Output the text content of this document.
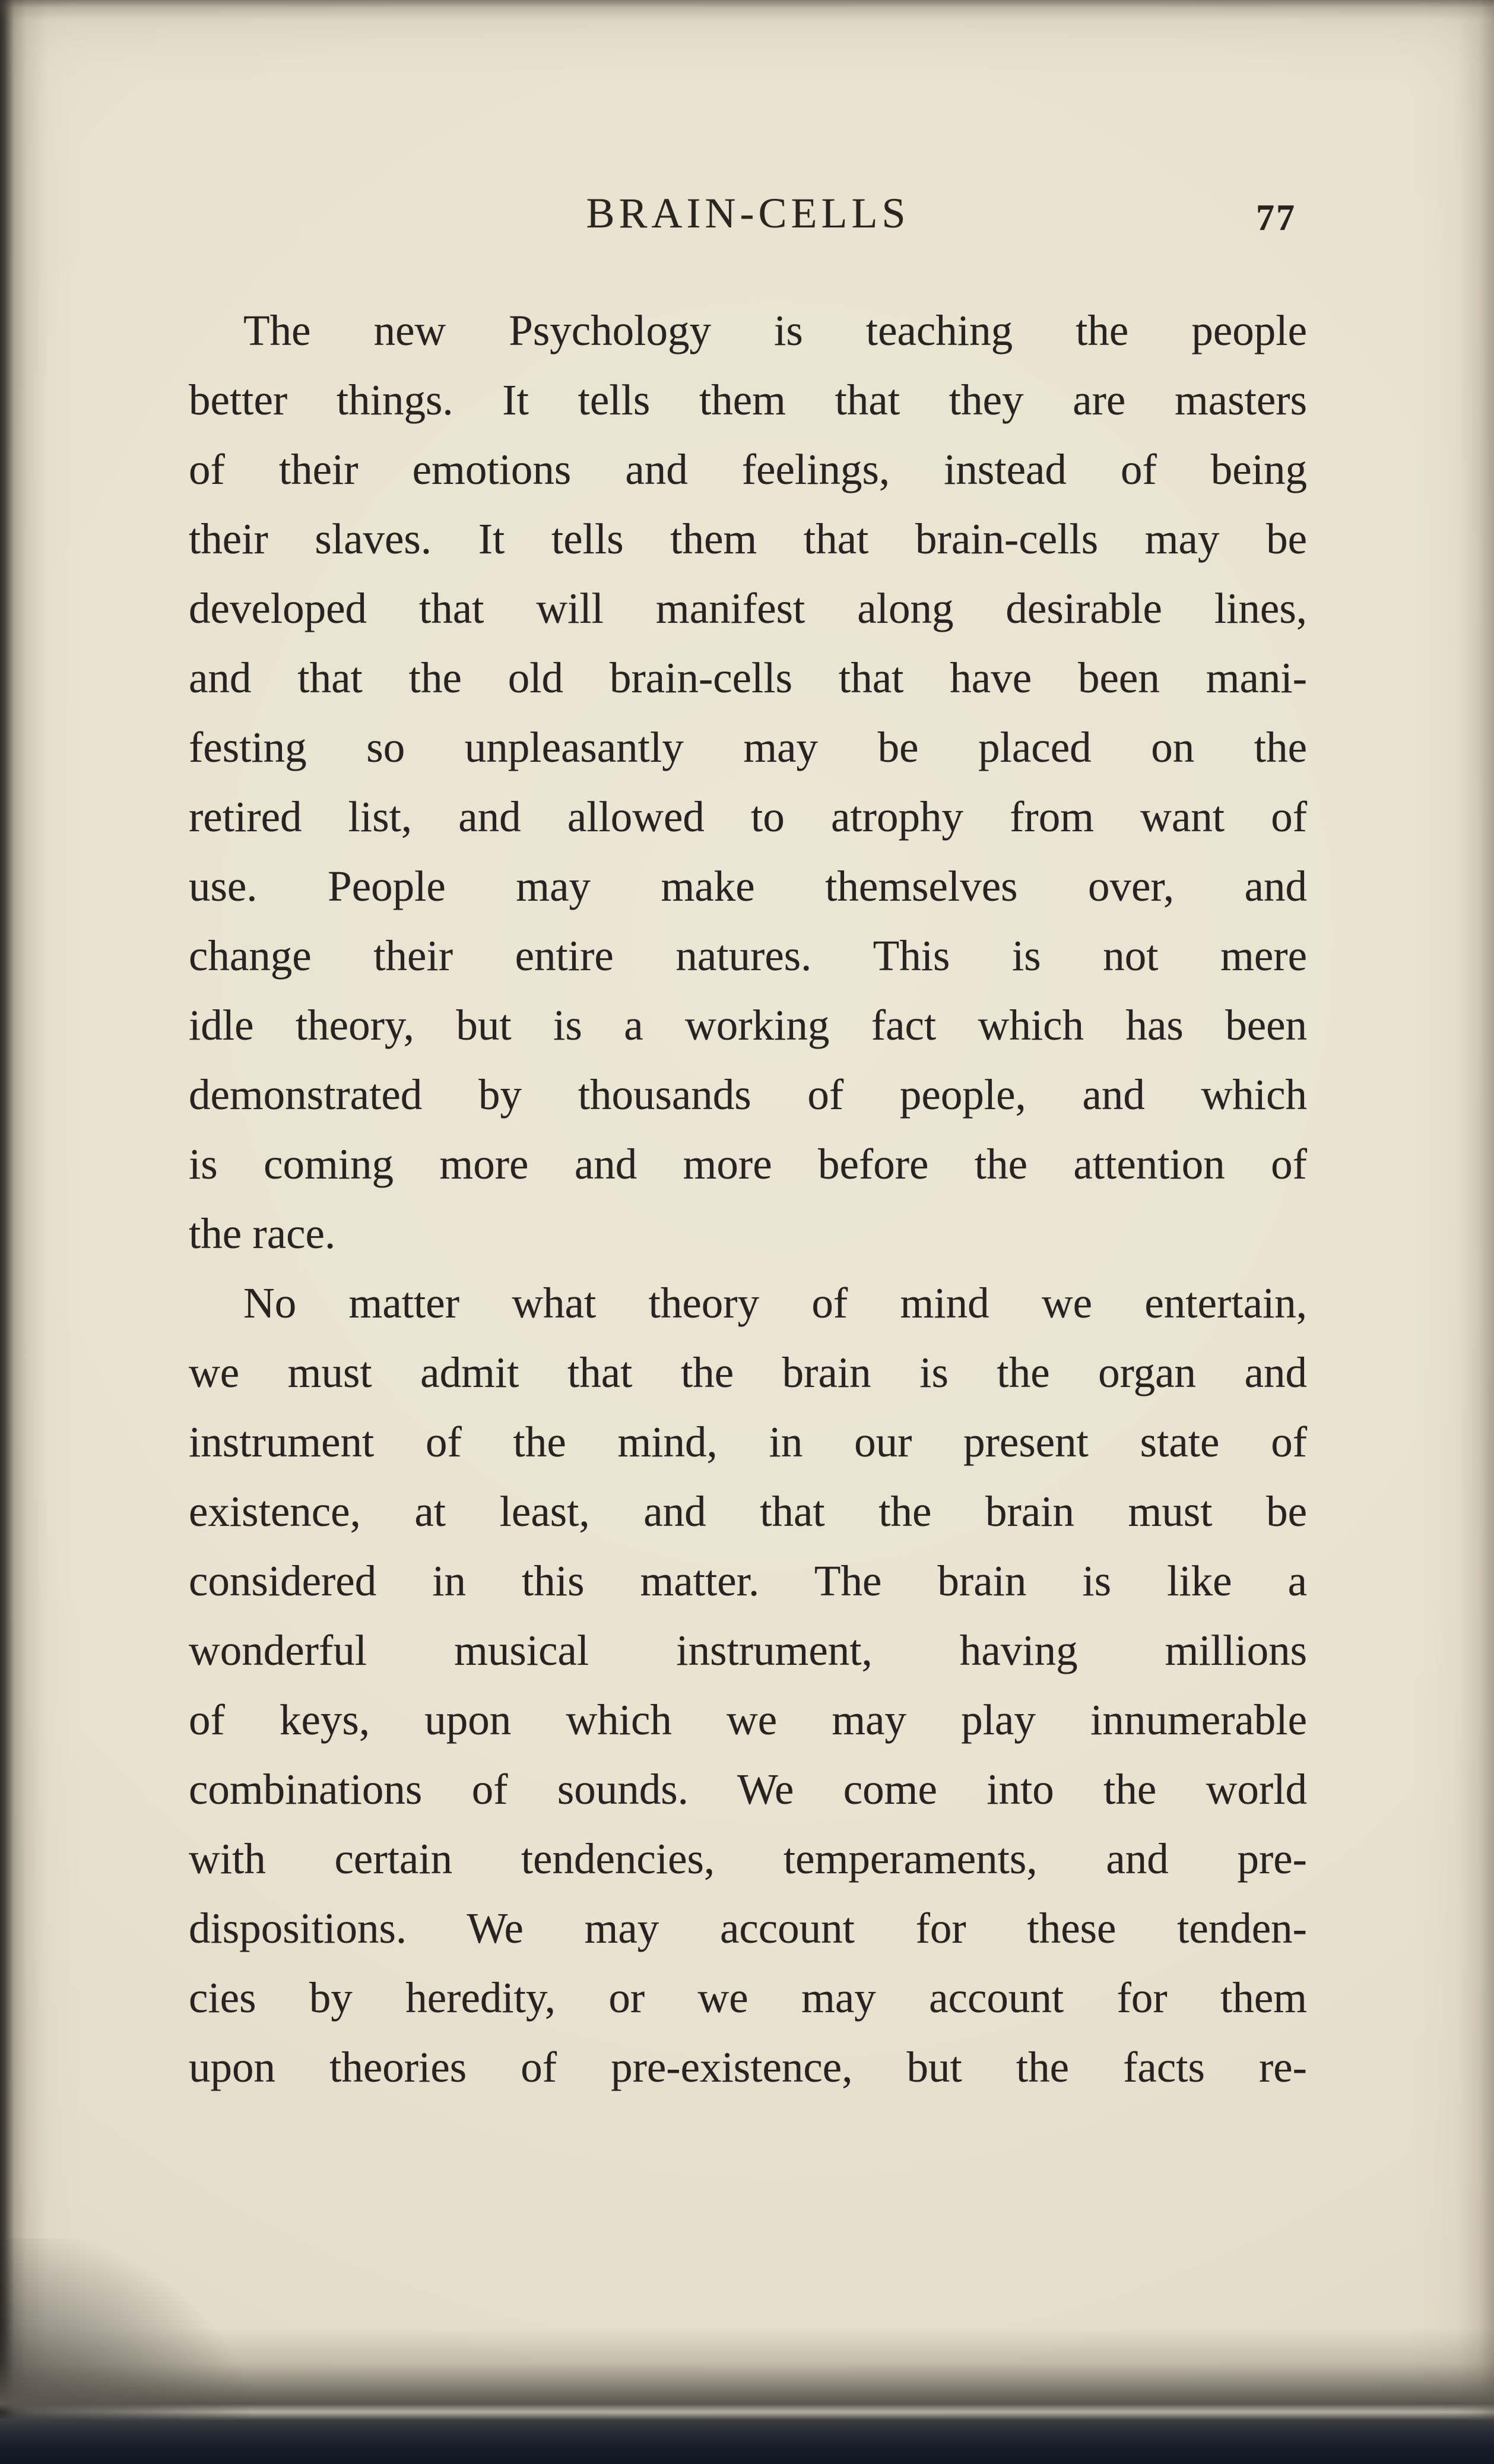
BRAIN-CELLS	77
The new Psychology is teaching the people
better things. It tells them that they are masters
of their emotions and feelings, instead of being
their slaves. It tells them that brain-cells may be
developed that will manifest along desirable lines,
and that the old brain-cells that have been mani-
festing so unpleasantly may be placed on the
retired list, and allowed to atrophy from want of
use. People may make themselves over, and
change their entire natures. This is not mere
idle theory, but is a working fact which has been
demonstrated by thousands of people, and which
is coming more and more before the attention of
the race.
No matter what theory of mind we entertain,
we must admit that the brain is the organ and
instrument of the mind, in our present state of
existence, at least, and that the brain must be
considered in this matter. The brain is like a
wonderful musical instrument, having millions
of keys, upon which we may play innumerable
combinations of sounds. We come into the world
with certain tendencies, temperaments, and pre-
dispositions. We may account for these tenden-
cies by heredity, or we may account for them
upon theories of pre-existence, but the facts re-
